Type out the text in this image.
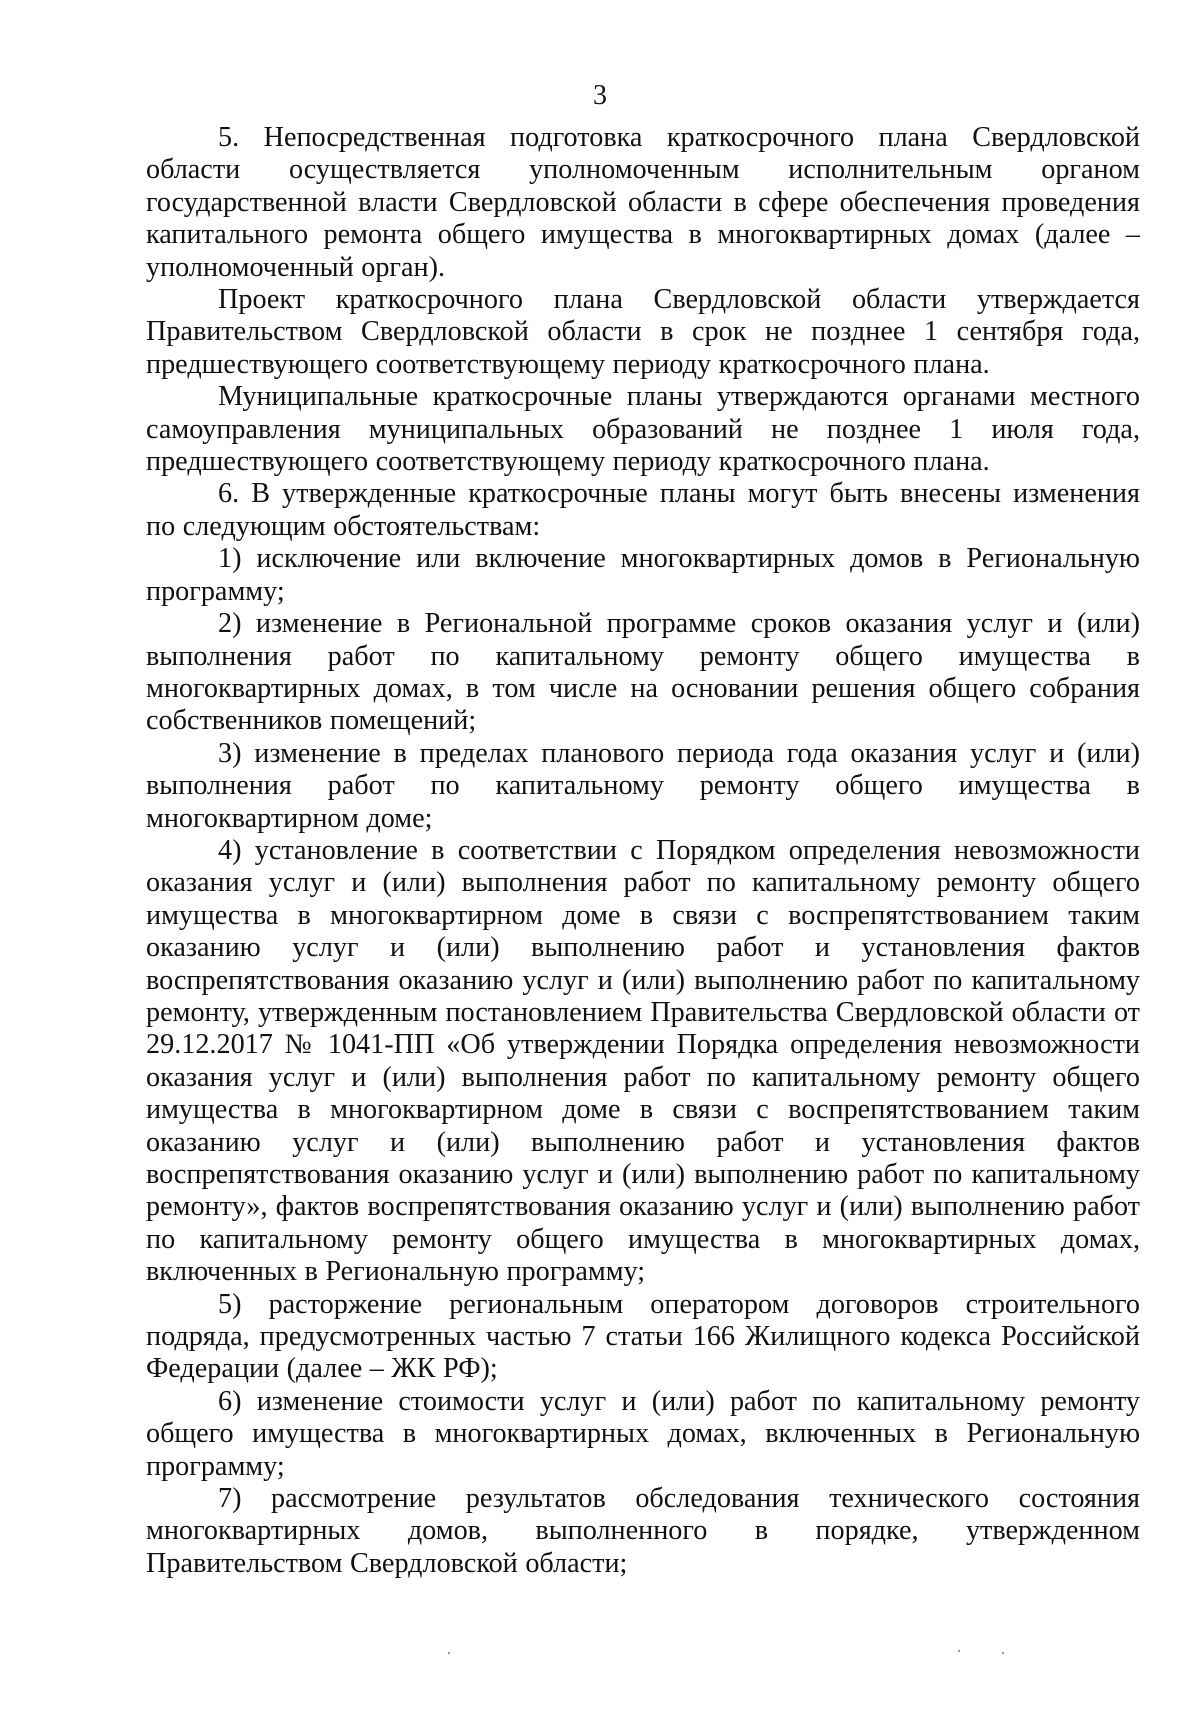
3

5. Непосредственная подготовка краткосрочного плана Свердловской области осуществляется уполномоченным исполнительным органом государственной власти Свердловской области в сфере обеспечения проведения капитального ремонта общего имущества в многоквартирных домах (далее – уполномоченный орган).

Проект краткосрочного плана Свердловской области утверждается Правительством Свердловской области в срок не позднее 1 сентября года, предшествующего соответствующему периоду краткосрочного плана.

Муниципальные краткосрочные планы утверждаются органами местного самоуправления муниципальных образований не позднее 1 июля года, предшествующего соответствующему периоду краткосрочного плана.

6. В утвержденные краткосрочные планы могут быть внесены изменения по следующим обстоятельствам:

1) исключение или включение многоквартирных домов в Региональную программу;

2) изменение в Региональной программе сроков оказания услуг и (или) выполнения работ по капитальному ремонту общего имущества в многоквартирных домах, в том числе на основании решения общего собрания собственников помещений;

3) изменение в пределах планового периода года оказания услуг и (или) выполнения работ по капитальному ремонту общего имущества в многоквартирном доме;

4) установление в соответствии с Порядком определения невозможности оказания услуг и (или) выполнения работ по капитальному ремонту общего имущества в многоквартирном доме в связи с воспрепятствованием таким оказанию услуг и (или) выполнению работ и установления фактов воспрепятствования оказанию услуг и (или) выполнению работ по капитальному ремонту, утвержденным постановлением Правительства Свердловской области от 29.12.2017 № 1041-ПП «Об утверждении Порядка определения невозможности оказания услуг и (или) выполнения работ по капитальному ремонту общего имущества в многоквартирном доме в связи с воспрепятствованием таким оказанию услуг и (или) выполнению работ и установления фактов воспрепятствования оказанию услуг и (или) выполнению работ по капитальному ремонту», фактов воспрепятствования оказанию услуг и (или) выполнению работ по капитальному ремонту общего имущества в многоквартирных домах, включенных в Региональную программу;

5) расторжение региональным оператором договоров строительного подряда, предусмотренных частью 7 статьи 166 Жилищного кодекса Российской Федерации (далее – ЖК РФ);

6) изменение стоимости услуг и (или) работ по капитальному ремонту общего имущества в многоквартирных домах, включенных в Региональную программу;

7) рассмотрение результатов обследования технического состояния многоквартирных домов, выполненного в порядке, утвержденном Правительством Свердловской области;
